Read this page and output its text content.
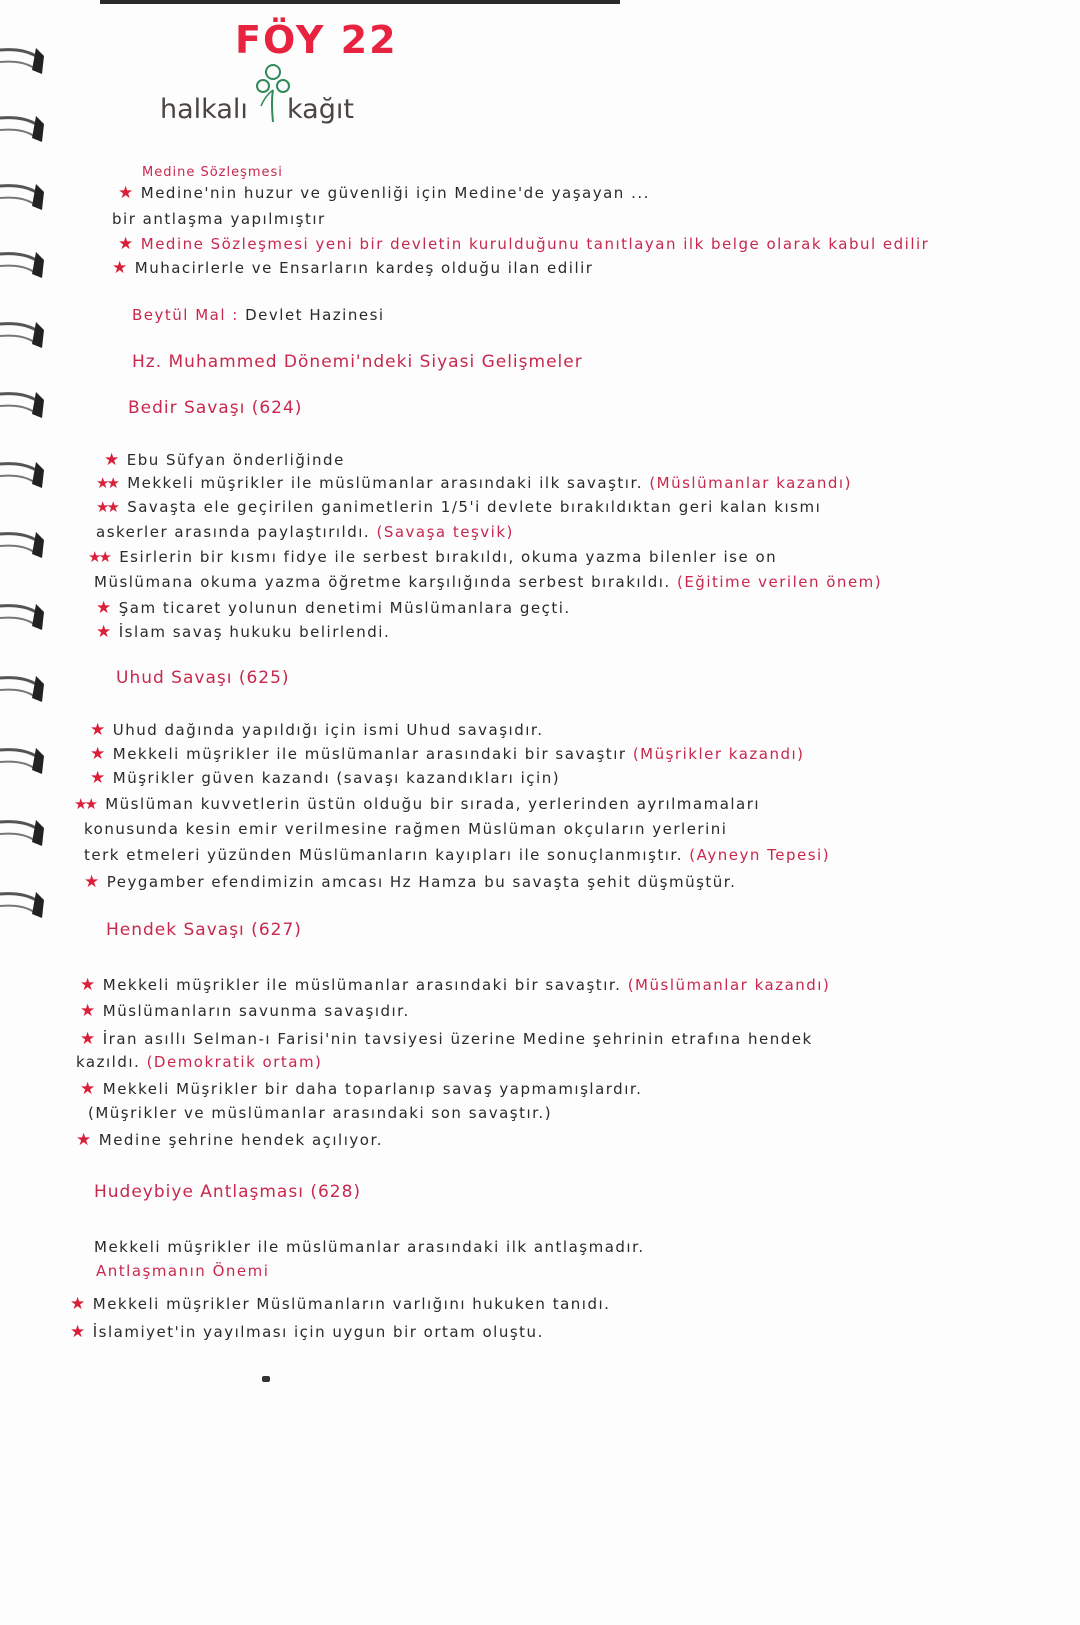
FÖY 22
halkalı kağıt
Medine Sözleşmesi
★ Medine'nin huzur ve güvenliği için Medine'de yaşayan ...
bir antlaşma yapılmıştır
★ Medine Sözleşmesi yeni bir devletin kurulduğunu tanıtlayan ilk belge olarak kabul edilir
★ Muhacirlerle ve Ensarların kardeş olduğu ilan edilir
Beytül Mal : Devlet Hazinesi
Hz. Muhammed Dönemi'ndeki Siyasi Gelişmeler
Bedir Savaşı (624)
★ Ebu Süfyan önderliğinde
★★ Mekkeli müşrikler ile müslümanlar arasındaki ilk savaştır. (Müslümanlar kazandı)
★★ Savaşta ele geçirilen ganimetlerin 1/5'i devlete bırakıldıktan geri kalan kısmı
askerler arasında paylaştırıldı. (Savaşa teşvik)
★★ Esirlerin bir kısmı fidye ile serbest bırakıldı, okuma yazma bilenler ise on
Müslümana okuma yazma öğretme karşılığında serbest bırakıldı. (Eğitime verilen önem)
★ Şam ticaret yolunun denetimi Müslümanlara geçti.
★ İslam savaş hukuku belirlendi.
Uhud Savaşı (625)
★ Uhud dağında yapıldığı için ismi Uhud savaşıdır.
★ Mekkeli müşrikler ile müslümanlar arasındaki bir savaştır (Müşrikler kazandı)
★ Müşrikler güven kazandı (savaşı kazandıkları için)
★★ Müslüman kuvvetlerin üstün olduğu bir sırada, yerlerinden ayrılmamaları
konusunda kesin emir verilmesine rağmen Müslüman okçuların yerlerini
terk etmeleri yüzünden Müslümanların kayıpları ile sonuçlanmıştır. (Ayneyn Tepesi)
★ Peygamber efendimizin amcası Hz Hamza bu savaşta şehit düşmüştür.
Hendek Savaşı (627)
★ Mekkeli müşrikler ile müslümanlar arasındaki bir savaştır. (Müslümanlar kazandı)
★ Müslümanların savunma savaşıdır.
★ İran asıllı Selman-ı Farisi'nin tavsiyesi üzerine Medine şehrinin etrafına hendek
kazıldı. (Demokratik ortam)
★ Mekkeli Müşrikler bir daha toparlanıp savaş yapmamışlardır.
(Müşrikler ve müslümanlar arasındaki son savaştır.)
★ Medine şehrine hendek açılıyor.
Hudeybiye Antlaşması (628)
Mekkeli müşrikler ile müslümanlar arasındaki ilk antlaşmadır.
Antlaşmanın Önemi
★ Mekkeli müşrikler Müslümanların varlığını hukuken tanıdı.
★ İslamiyet'in yayılması için uygun bir ortam oluştu.
